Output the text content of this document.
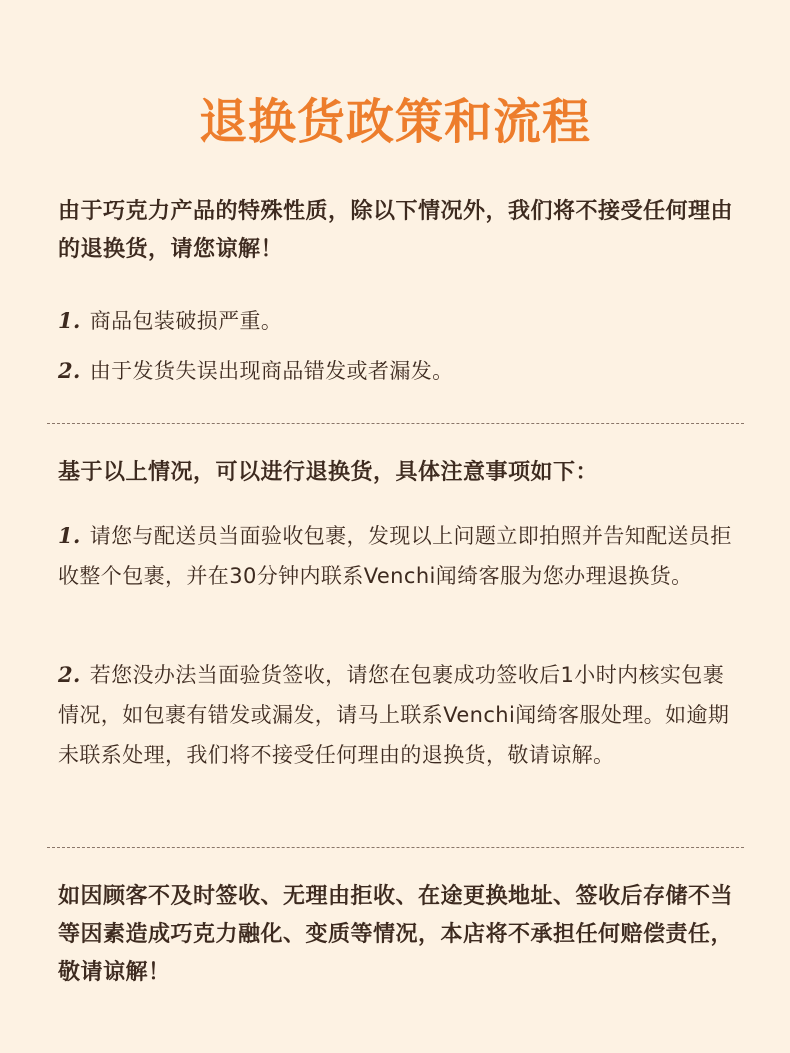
退换货政策和流程
由于巧克力产品的特殊性质，除以下情况外，我们将不接受任何理由的退换货，请您谅解！
1. 商品包装破损严重。
2. 由于发货失误出现商品错发或者漏发。
基于以上情况，可以进行退换货，具体注意事项如下：
1. 请您与配送员当面验收包裹，发现以上问题立即拍照并告知配送员拒收整个包裹，并在30分钟内联系Venchi闻绮客服为您办理退换货。
2. 若您没办法当面验货签收，请您在包裹成功签收后1小时内核实包裹情况，如包裹有错发或漏发，请马上联系Venchi闻绮客服处理。如逾期未联系处理，我们将不接受任何理由的退换货，敬请谅解。
如因顾客不及时签收、无理由拒收、在途更换地址、签收后存储不当等因素造成巧克力融化、变质等情况，本店将不承担任何赔偿责任，敬请谅解！
